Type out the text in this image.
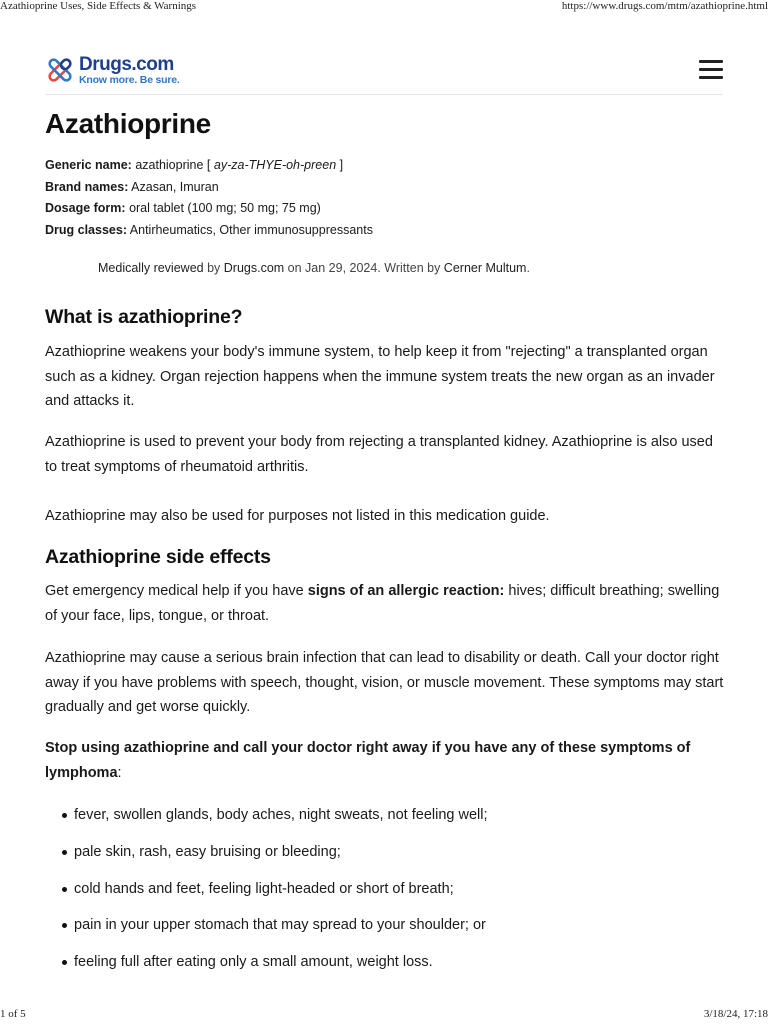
Azathioprine Uses, Side Effects & Warnings	https://www.drugs.com/mtm/azathioprine.html
Drugs.com
Know more. Be sure.
Azathioprine
Generic name: azathioprine [ ay-za-THYE-oh-preen ]
Brand names: Azasan, Imuran
Dosage form: oral tablet (100 mg; 50 mg; 75 mg)
Drug classes: Antirheumatics, Other immunosuppressants
Medically reviewed by Drugs.com on Jan 29, 2024. Written by Cerner Multum.
What is azathioprine?

Azathioprine weakens your body's immune system, to help keep it from "rejecting" a transplanted organ such as a kidney. Organ rejection happens when the immune system treats the new organ as an invader and attacks it.

Azathioprine is used to prevent your body from rejecting a transplanted kidney. Azathioprine is also used to treat symptoms of rheumatoid arthritis.

Azathioprine may also be used for purposes not listed in this medication guide.

Azathioprine side effects

Get emergency medical help if you have signs of an allergic reaction: hives; difficult breathing; swelling of your face, lips, tongue, or throat.

Azathioprine may cause a serious brain infection that can lead to disability or death. Call your doctor right away if you have problems with speech, thought, vision, or muscle movement. These symptoms may start gradually and get worse quickly.

Stop using azathioprine and call your doctor right away if you have any of these symptoms of lymphoma:

fever, swollen glands, body aches, night sweats, not feeling well;
pale skin, rash, easy bruising or bleeding;
cold hands and feet, feeling light-headed or short of breath;
pain in your upper stomach that may spread to your shoulder; or
feeling full after eating only a small amount, weight loss.
1 of 5	3/18/24, 17:18
